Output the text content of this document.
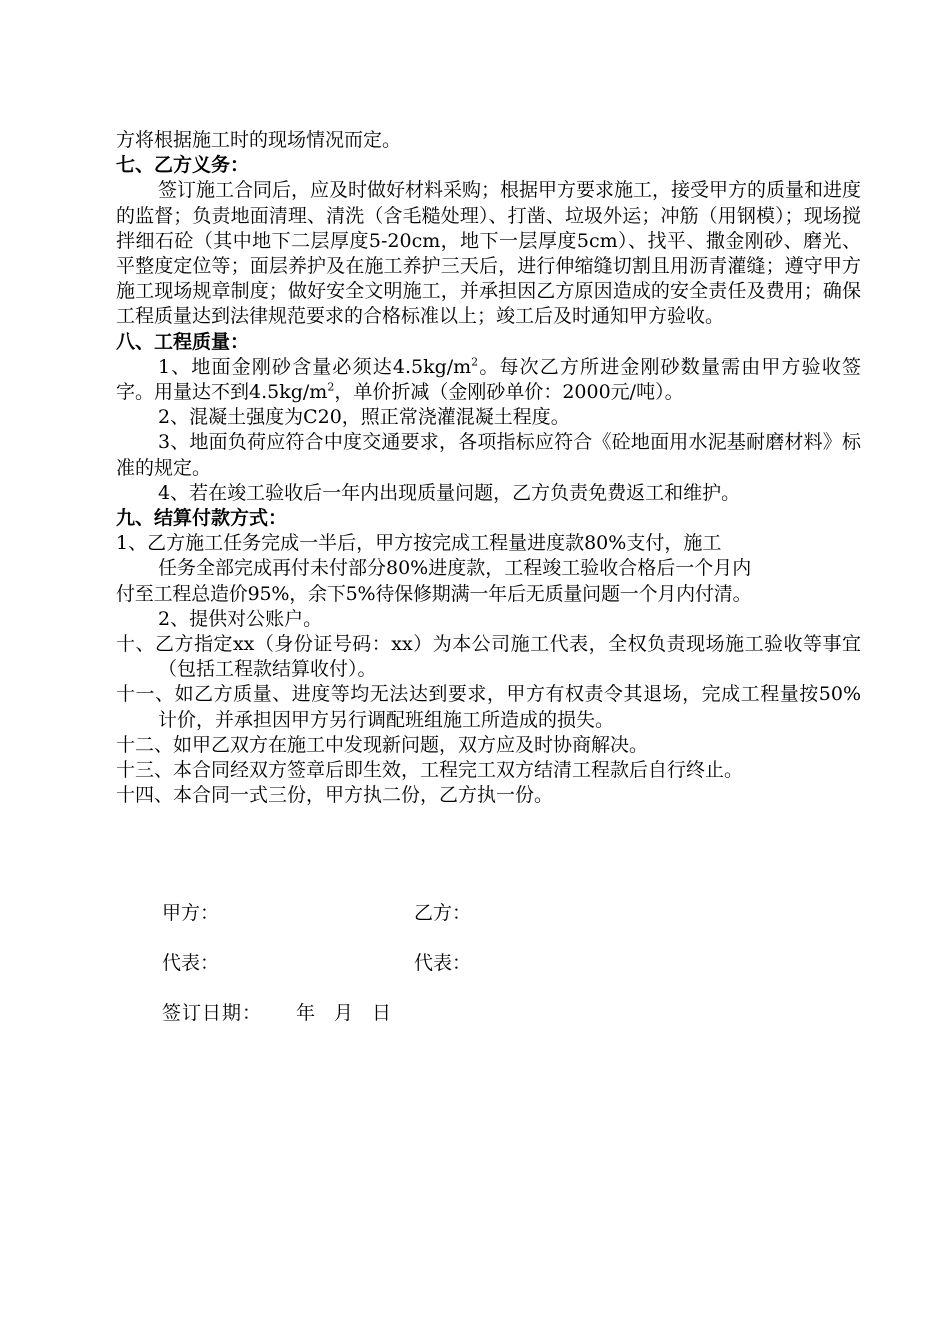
方将根据施工时的现场情况而定。

七、乙方义务：

签订施工合同后，应及时做好材料采购；根据甲方要求施工，接受甲方的质量和进度的监督；负责地面清理、清洗（含毛糙处理）、打凿、垃圾外运；冲筋（用钢模）；现场搅拌细石砼（其中地下二层厚度5-20cm，地下一层厚度5cm）、找平、撒金刚砂、磨光、平整度定位等；面层养护及在施工养护三天后，进行伸缩缝切割且用沥青灌缝；遵守甲方施工现场规章制度；做好安全文明施工，并承担因乙方原因造成的安全责任及费用；确保工程质量达到法律规范要求的合格标准以上；竣工后及时通知甲方验收。

八、工程质量：

1、地面金刚砂含量必须达$4.5kg/m^2$。每次乙方所进金刚砂数量需由甲方验收签字。用量达不到$4.5kg/m^2$，单价折减（金刚砂单价：2000元/吨）。

2、混凝土强度为C20，照正常浇灌混凝土程度。

3、地面负荷应符合中度交通要求，各项指标应符合《砼地面用水泥基耐磨材料》标准的规定。

4、若在竣工验收后一年内出现质量问题，乙方负责免费返工和维护。

九、结算付款方式：

1、乙方施工任务完成一半后，甲方按完成工程量进度款80%支付，施工

任务全部完成再付未付部分80%进度款，工程竣工验收合格后一个月内

付至工程总造价95%，余下5%待保修期满一年后无质量问题一个月内付清。

2、提供对公账户。

十、乙方指定xx（身份证号码：xx）为本公司施工代表，全权负责现场施工验收等事宜（包括工程款结算收付）。

十一、如乙方质量、进度等均无法达到要求，甲方有权责令其退场，完成工程量按50%计价，并承担因甲方另行调配班组施工所造成的损失。

十二、如甲乙双方在施工中发现新问题，双方应及时协商解决。

十三、本合同经双方签章后即生效，工程完工双方结清工程款后自行终止。

十四、本合同一式三份，甲方执二份，乙方执一份。

甲方：	乙方：
代表：	代表：
签订日期： 年　月　日
